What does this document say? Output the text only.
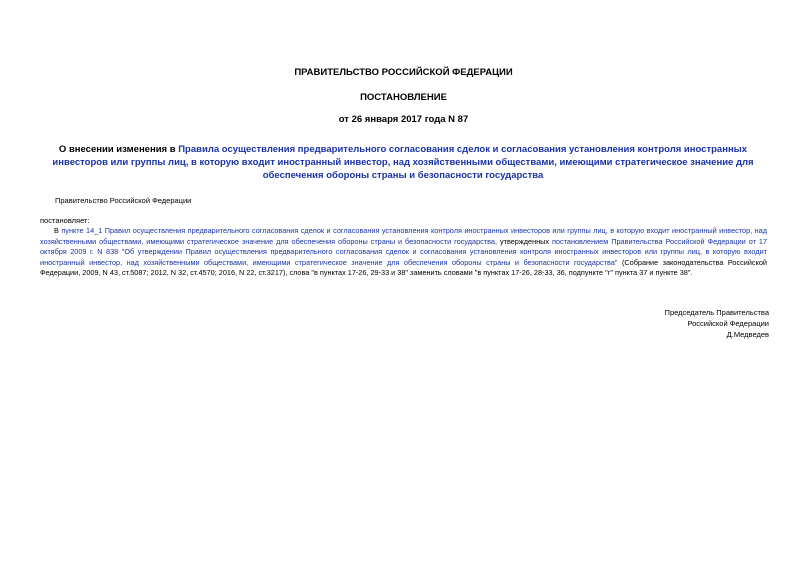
ПРАВИТЕЛЬСТВО РОССИЙСКОЙ ФЕДЕРАЦИИ
ПОСТАНОВЛЕНИЕ
от 26 января 2017 года N 87
О внесении изменения в Правила осуществления предварительного согласования сделок и согласования установления контроля иностранных инвесторов или группы лиц, в которую входит иностранный инвестор, над хозяйственными обществами, имеющими стратегическое значение для обеспечения обороны страны и безопасности государства
Правительство Российской Федерации
постановляет:

В пункте 14_1 Правил осуществления предварительного согласования сделок и согласования установления контроля иностранных инвесторов или группы лиц, в которую входит иностранный инвестор, над хозяйственными обществами, имеющими стратегическое значение для обеспечения обороны страны и безопасности государства, утвержденных постановлением Правительства Российской Федерации от 17 октября 2009 г. N 838 "Об утверждении Правил осуществления предварительного согласования сделок и согласования установления контроля иностранных инвесторов или группы лиц, в которую входит иностранный инвестор, над хозяйственными обществами, имеющими стратегическое значение для обеспечения обороны страны и безопасности государства" (Собрание законодательства Российской Федерации, 2009, N 43, ст.5087; 2012, N 32, ст.4570; 2016, N 22, ст.3217), слова "в пунктах 17-26, 29-33 и 38" заменить словами "в пунктах 17-26, 28-33, 36, подпункте "г" пункта 37 и пункте 38".

Председатель Правительства
Российской Федерации
Д.Медведев
